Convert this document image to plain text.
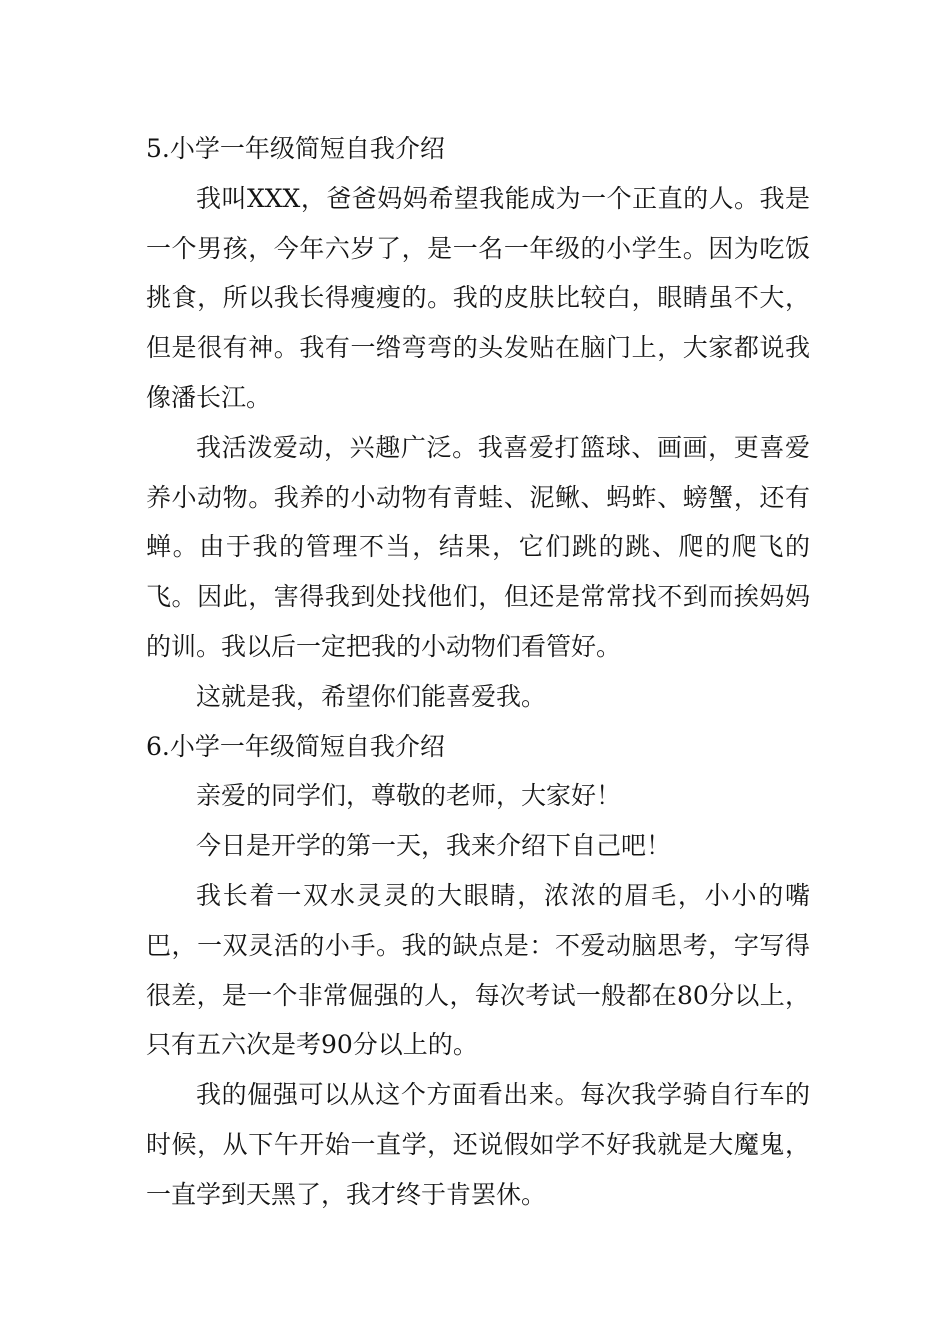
5.小学一年级简短自我介绍

我叫XXX，爸爸妈妈希望我能成为一个正直的人。我是一个男孩，今年六岁了，是一名一年级的小学生。因为吃饭挑食，所以我长得瘦瘦的。我的皮肤比较白，眼睛虽不大，但是很有神。我有一绺弯弯的头发贴在脑门上，大家都说我像潘长江。

我活泼爱动，兴趣广泛。我喜爱打篮球、画画，更喜爱养小动物。我养的小动物有青蛙、泥鳅、蚂蚱、螃蟹，还有蝉。由于我的管理不当，结果，它们跳的跳、爬的爬飞的飞。因此，害得我到处找他们，但还是常常找不到而挨妈妈的训。我以后一定把我的小动物们看管好。

这就是我，希望你们能喜爱我。

6.小学一年级简短自我介绍

亲爱的同学们，尊敬的老师，大家好！

今日是开学的第一天，我来介绍下自己吧！

我长着一双水灵灵的大眼睛，浓浓的眉毛，小小的嘴巴，一双灵活的小手。我的缺点是：不爱动脑思考，字写得很差，是一个非常倔强的人，每次考试一般都在80分以上，只有五六次是考90分以上的。

我的倔强可以从这个方面看出来。每次我学骑自行车的时候，从下午开始一直学，还说假如学不好我就是大魔鬼，一直学到天黑了，我才终于肯罢休。
